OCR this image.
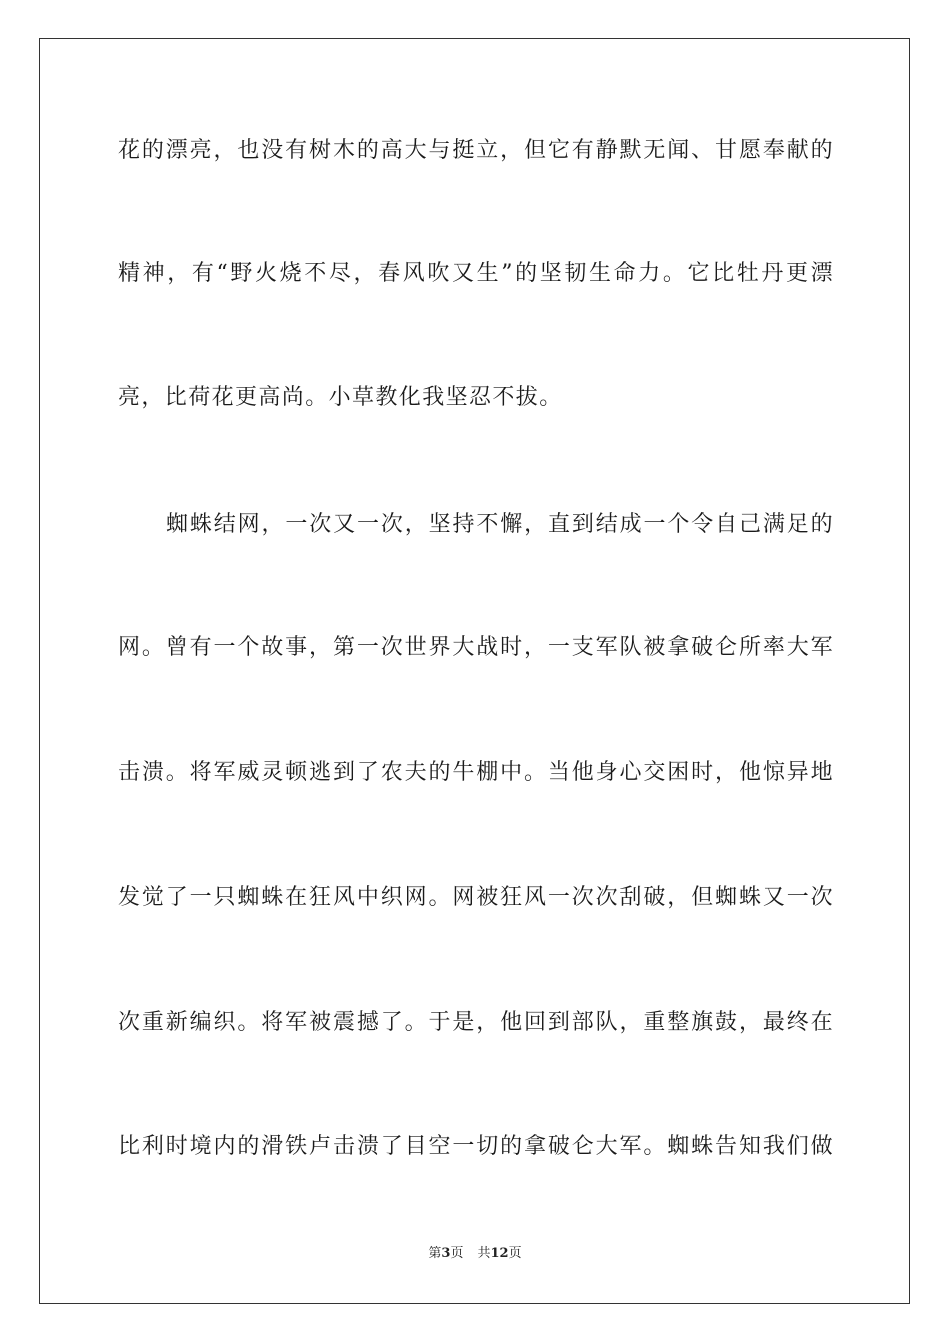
花的漂亮，也没有树木的高大与挺立，但它有静默无闻、甘愿奉献的
精神，有“野火烧不尽，春风吹又生”的坚韧生命力。它比牡丹更漂
亮，比荷花更高尚。小草教化我坚忍不拔。
蜘蛛结网，一次又一次，坚持不懈，直到结成一个令自己满足的
网。曾有一个故事，第一次世界大战时，一支军队被拿破仑所率大军
击溃。将军威灵顿逃到了农夫的牛棚中。当他身心交困时，他惊异地
发觉了一只蜘蛛在狂风中织网。网被狂风一次次刮破，但蜘蛛又一次
次重新编织。将军被震撼了。于是，他回到部队，重整旗鼓，最终在
比利时境内的滑铁卢击溃了目空一切的拿破仑大军。蜘蛛告知我们做
第3页 共12页
